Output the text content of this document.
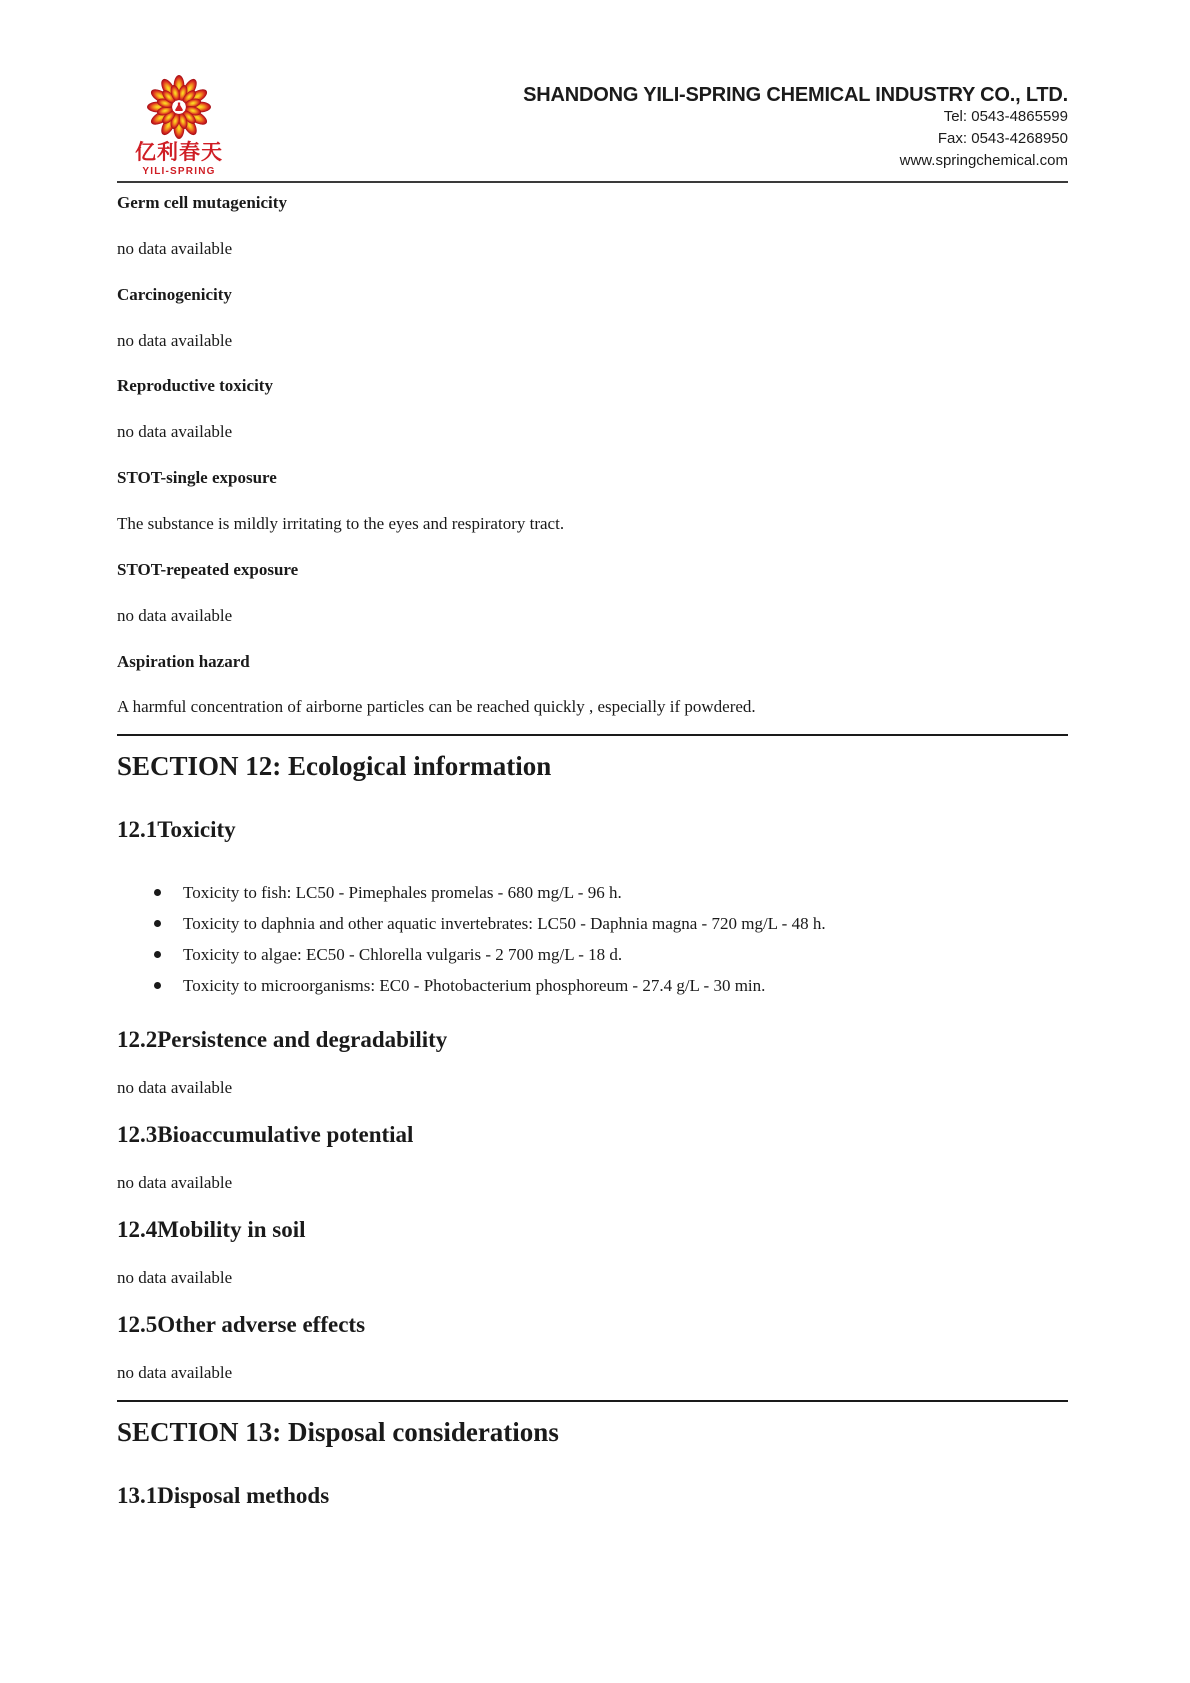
亿利春天
YILI-SPRING
SHANDONG YILI-SPRING CHEMICAL INDUSTRY CO., LTD.
Tel: 0543-4865599
Fax: 0543-4268950
www.springchemical.com
Germ cell mutagenicity
no data available
Carcinogenicity
no data available
Reproductive toxicity
no data available
STOT-single exposure
The substance is mildly irritating to the eyes and respiratory tract.
STOT-repeated exposure
no data available
Aspiration hazard
A harmful concentration of airborne particles can be reached quickly , especially if powdered.
SECTION 12: Ecological information
12.1Toxicity
Toxicity to fish: LC50 - Pimephales promelas - 680 mg/L - 96 h.
Toxicity to daphnia and other aquatic invertebrates: LC50 - Daphnia magna - 720 mg/L - 48 h.
Toxicity to algae: EC50 - Chlorella vulgaris - 2 700 mg/L - 18 d.
Toxicity to microorganisms: EC0 - Photobacterium phosphoreum - 27.4 g/L - 30 min.
12.2Persistence and degradability
no data available
12.3Bioaccumulative potential
no data available
12.4Mobility in soil
no data available
12.5Other adverse effects
no data available
SECTION 13: Disposal considerations
13.1Disposal methods
